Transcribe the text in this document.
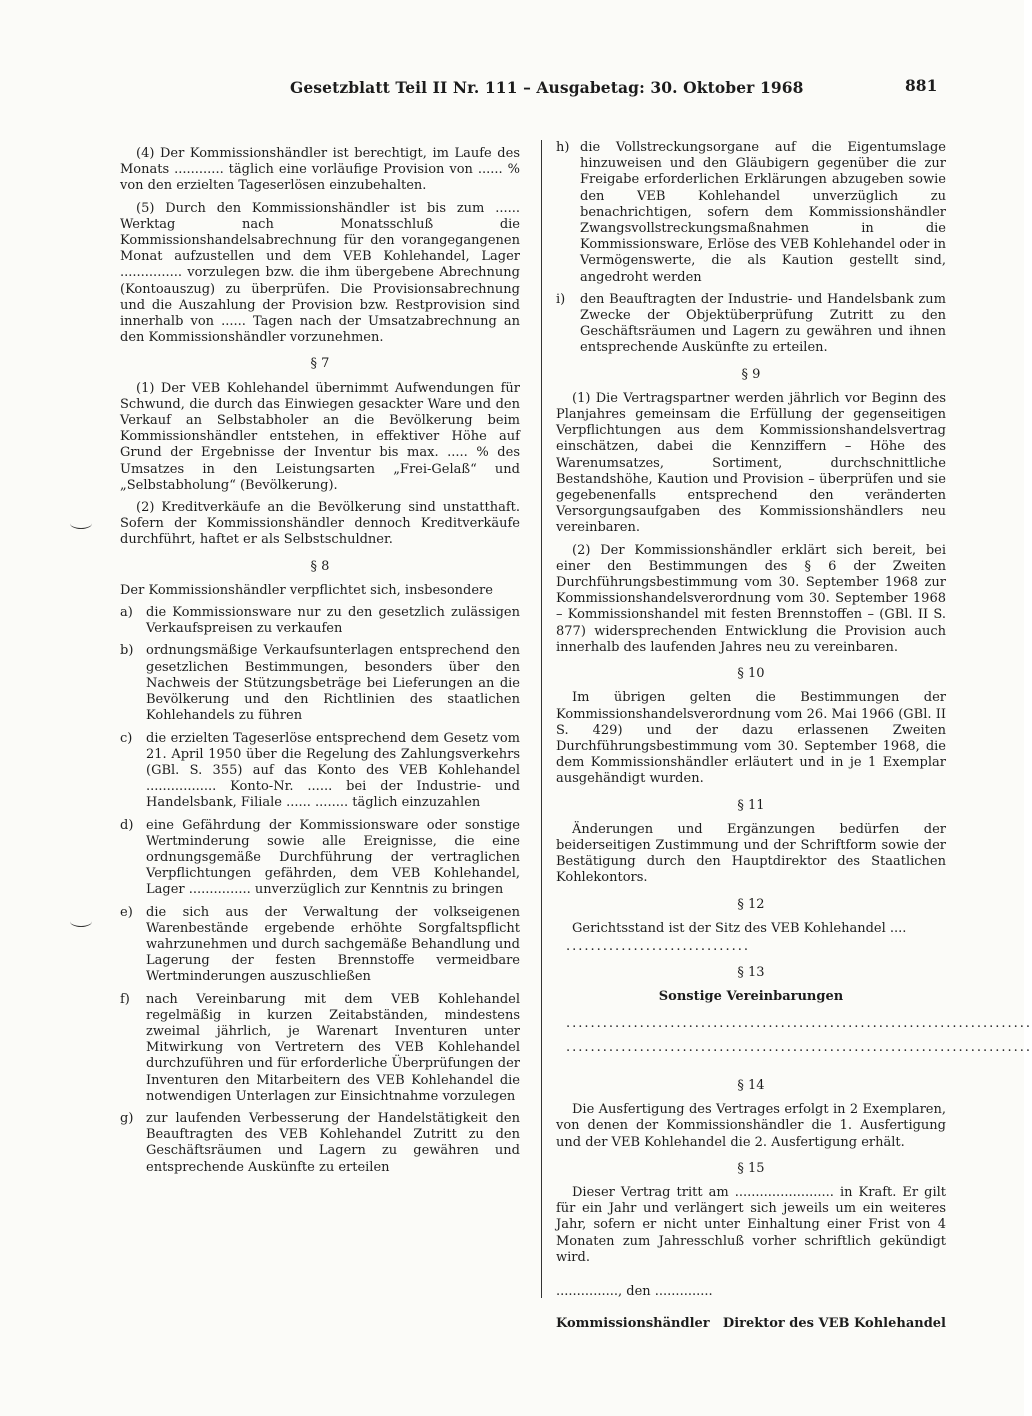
Gesetzblatt Teil II Nr. 111 – Ausgabetag: 30. Oktober 1968	881

(4) Der Kommissionshändler ist berechtigt, im Laufe des Monats ............ täglich eine vorläufige Provision von ...... % von den erzielten Tageserlösen einzubehalten.

(5) Durch den Kommissionshändler ist bis zum ...... Werktag nach Monatsschluß die Kommissionshandelsabrechnung für den vorangegangenen Monat aufzustellen und dem VEB Kohlehandel, Lager ............... vorzulegen bzw. die ihm übergebene Abrechnung (Kontoauszug) zu überprüfen. Die Provisionsabrechnung und die Auszahlung der Provision bzw. Restprovision sind innerhalb von ...... Tagen nach der Umsatzabrechnung an den Kommissionshändler vorzunehmen.

§ 7

(1) Der VEB Kohlehandel übernimmt Aufwendungen für Schwund, die durch das Einwiegen gesackter Ware und den Verkauf an Selbstabholer an die Bevölkerung beim Kommissionshändler entstehen, in effektiver Höhe auf Grund der Ergebnisse der Inventur bis max. ..... % des Umsatzes in den Leistungsarten „Frei-Gelaß“ und „Selbstabholung“ (Bevölkerung).

(2) Kreditverkäufe an die Bevölkerung sind unstatthaft. Sofern der Kommissionshändler dennoch Kreditverkäufe durchführt, haftet er als Selbstschuldner.

§ 8

Der Kommissionshändler verpflichtet sich, insbesondere

a)	die Kommissionsware nur zu den gesetzlich zulässigen Verkaufspreisen zu verkaufen
b) ordnungsmäßige Verkaufsunterlagen entsprechend den gesetzlichen Bestimmungen, besonders über den Nachweis der Stützungsbeträge bei Lieferungen an die Bevölkerung und den Richtlinien des staatlichen Kohlehandels zu führen
c)	die erzielten Tageserlöse entsprechend dem Gesetz vom 21. April 1950 über die Regelung des Zahlungsverkehrs (GBl. S. 355) auf das Konto des VEB Kohlehandel ................. Konto-Nr. ...... bei der Industrie- und Handelsbank, Filiale ...... ........ täglich einzuzahlen
d) eine Gefährdung der Kommissionsware oder sonstige Wertminderung sowie alle Ereignisse, die eine ordnungsgemäße Durchführung der vertraglichen Verpflichtungen gefährden, dem VEB Kohlehandel, Lager ............... unverzüglich zur Kenntnis zu bringen
e)	die sich aus der Verwaltung der volkseigenen Warenbestände ergebende erhöhte Sorgfaltspflicht wahrzunehmen und durch sachgemäße Behandlung und Lagerung der festen Brennstoffe vermeidbare Wertminderungen auszuschließen
f)	nach Vereinbarung mit dem VEB Kohlehandel regelmäßig in kurzen Zeitabständen, mindestens zweimal jährlich, je Warenart Inventuren unter Mitwirkung von Vertretern des VEB Kohlehandel durchzuführen und für erforderliche Überprüfungen der Inventuren den Mitarbeitern des VEB Kohlehandel die notwendigen Unterlagen zur Einsichtnahme vorzulegen
g) zur laufenden Verbesserung der Handelstätigkeit den Beauftragten des VEB Kohlehandel Zutritt zu den Geschäftsräumen und Lagern zu gewähren und entsprechende Auskünfte zu erteilen
h) die Vollstreckungsorgane auf die Eigentumslage hinzuweisen und den Gläubigern gegenüber die zur Freigabe erforderlichen Erklärungen abzugeben sowie den VEB Kohlehandel unverzüglich zu benachrichtigen, sofern dem Kommissionshändler Zwangsvollstreckungsmaßnahmen in die Kommissionsware, Erlöse des VEB Kohlehandel oder in Vermögenswerte, die als Kaution gestellt sind, angedroht werden
i)	den Beauftragten der Industrie- und Handelsbank zum Zwecke der Objektüberprüfung Zutritt zu den Geschäftsräumen und Lagern zu gewähren und ihnen entsprechende Auskünfte zu erteilen.
§ 9

(1) Die Vertragspartner werden jährlich vor Beginn des Planjahres gemeinsam die Erfüllung der gegenseitigen Verpflichtungen aus dem Kommissionshandelsvertrag einschätzen, dabei die Kennziffern – Höhe des Warenumsatzes, Sortiment, durchschnittliche Bestandshöhe, Kaution und Provision – überprüfen und sie gegebenenfalls entsprechend den veränderten Versorgungsaufgaben des Kommissionshändlers neu vereinbaren.

(2) Der Kommissionshändler erklärt sich bereit, bei einer den Bestimmungen des § 6 der Zweiten Durchführungsbestimmung vom 30. September 1968 zur Kommissionshandelsverordnung vom 30. September 1968 – Kommissionshandel mit festen Brennstoffen – (GBl. II S. 877) widersprechenden Entwicklung die Provision auch innerhalb des laufenden Jahres neu zu vereinbaren.

§ 10

Im übrigen gelten die Bestimmungen der Kommissionshandelsverordnung vom 26. Mai 1966 (GBl. II S. 429) und der dazu erlassenen Zweiten Durchführungsbestimmung vom 30. September 1968, die dem Kommissionshändler erläutert und in je 1 Exemplar ausgehändigt wurden.

§ 11

Änderungen und Ergänzungen bedürfen der beiderseitigen Zustimmung und der Schriftform sowie der Bestätigung durch den Hauptdirektor des Staatlichen Kohlekontors.

§ 12

Gerichtsstand ist der Sitz des VEB Kohlehandel ....

..............................
§ 13
Sonstige Vereinbarungen
............................................................................
............................................................................
§ 14

Die Ausfertigung des Vertrages erfolgt in 2 Exemplaren, von denen der Kommissionshändler die 1. Ausfertigung und der VEB Kohlehandel die 2. Ausfertigung erhält.

§ 15

Dieser Vertrag tritt am ........................ in Kraft. Er gilt für ein Jahr und verlängert sich jeweils um ein weiteres Jahr, sofern er nicht unter Einhaltung einer Frist von 4 Monaten zum Jahresschluß vorher schriftlich gekündigt wird.

..............., den ..............
Kommissionshändler Direktor des VEB Kohlehandel
